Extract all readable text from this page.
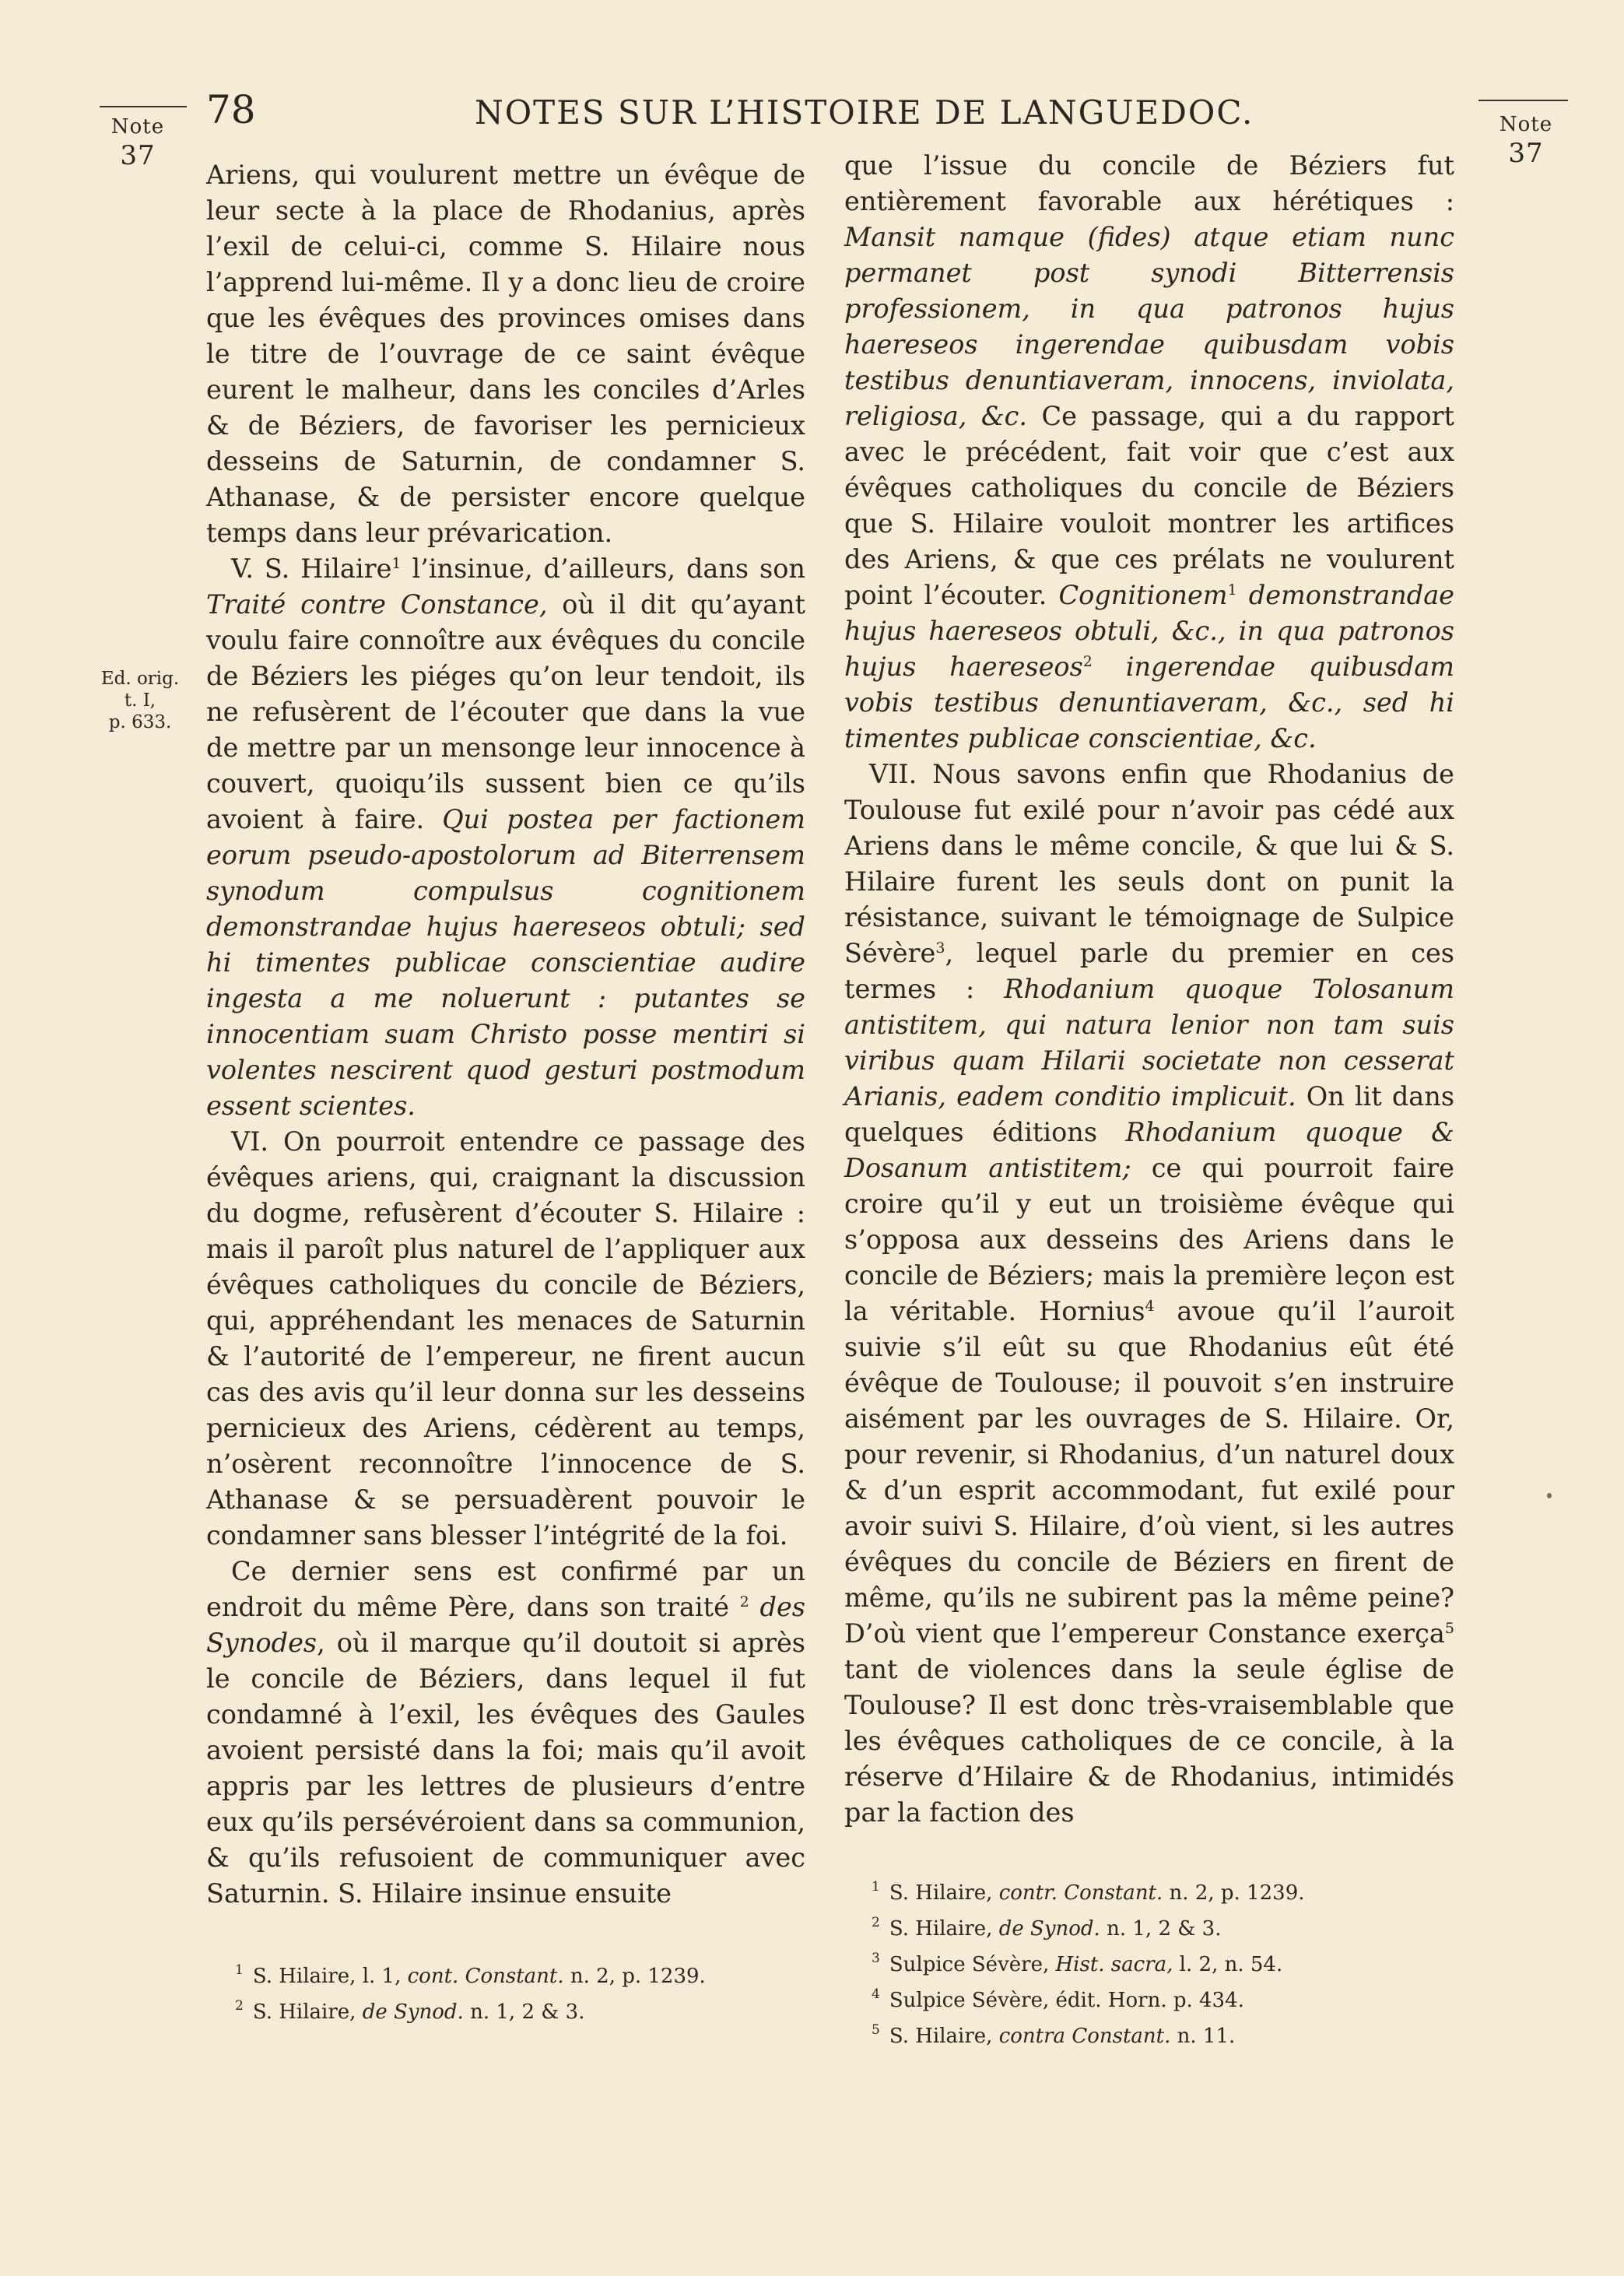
Note
37
Note
37
78	NOTES SUR L’HISTOIRE DE LANGUEDOC.
Ed. orig.
t. I,
p. 633.

Ariens, qui voulurent mettre un évêque de leur secte à la place de Rhodanius, après l’exil de celui-ci, comme S. Hilaire nous l’apprend lui-même. Il y a donc lieu de croire que les évêques des provinces omises dans le titre de l’ouvrage de ce saint évêque eurent le malheur, dans les conciles d’Arles & de Béziers, de favoriser les pernicieux desseins de Saturnin, de condamner S. Athanase, & de persister encore quelque temps dans leur prévarication.

V. S. Hilaire$^1$ l’insinue, d’ailleurs, dans son Traité contre Constance, où il dit qu’ayant voulu faire connoître aux évêques du concile de Béziers les piéges qu’on leur tendoit, ils ne refusèrent de l’écouter que dans la vue de mettre par un mensonge leur innocence à couvert, quoiqu’ils sussent bien ce qu’ils avoient à faire. Qui postea per factionem eorum pseudo-apostolorum ad Biterrensem synodum compulsus cognitionem demonstrandae hujus haereseos obtuli; sed hi timentes publicae conscientiae audire ingesta a me noluerunt : putantes se innocentiam suam Christo posse mentiri si volentes nescirent quod gesturi postmodum essent scientes.

VI. On pourroit entendre ce passage des évêques ariens, qui, craignant la discussion du dogme, refusèrent d’écouter S. Hilaire : mais il paroît plus naturel de l’appliquer aux évêques catholiques du concile de Béziers, qui, appréhendant les menaces de Saturnin & l’autorité de l’empereur, ne firent aucun cas des avis qu’il leur donna sur les desseins pernicieux des Ariens, cédèrent au temps, n’osèrent reconnoître l’innocence de S. Athanase & se persuadèrent pouvoir le condamner sans blesser l’intégrité de la foi.

Ce dernier sens est confirmé par un endroit du même Père, dans son traité $^2$ des Synodes, où il marque qu’il doutoit si après le concile de Béziers, dans lequel il fut condamné à l’exil, les évêques des Gaules avoient persisté dans la foi; mais qu’il avoit appris par les lettres de plusieurs d’entre eux qu’ils persévéroient dans sa communion, & qu’ils refusoient de communiquer avec Saturnin. S. Hilaire insinue ensuite

que l’issue du concile de Béziers fut entièrement favorable aux hérétiques : Mansit namque (fides) atque etiam nunc permanet post synodi Bitterrensis professionem, in qua patronos hujus haereseos ingerendae quibusdam vobis testibus denuntiaveram, innocens, inviolata, religiosa, &c. Ce passage, qui a du rapport avec le précédent, fait voir que c’est aux évêques catholiques du concile de Béziers que S. Hilaire vouloit montrer les artifices des Ariens, & que ces prélats ne voulurent point l’écouter. Cognitionem$^1$ demonstrandae hujus haereseos obtuli, &c., in qua patronos hujus haereseos$^2$ ingerendae quibusdam vobis testibus denuntiaveram, &c., sed hi timentes publicae conscientiae, &c.

VII. Nous savons enfin que Rhodanius de Toulouse fut exilé pour n’avoir pas cédé aux Ariens dans le même concile, & que lui & S. Hilaire furent les seuls dont on punit la résistance, suivant le témoignage de Sulpice Sévère$^3$, lequel parle du premier en ces termes : Rhodanium quoque Tolosanum antistitem, qui natura lenior non tam suis viribus quam Hilarii societate non cesserat Arianis, eadem conditio implicuit. On lit dans quelques éditions Rhodanium quoque & Dosanum antistitem; ce qui pourroit faire croire qu’il y eut un troisième évêque qui s’opposa aux desseins des Ariens dans le concile de Béziers; mais la première leçon est la véritable. Hornius$^4$ avoue qu’il l’auroit suivie s’il eût su que Rhodanius eût été évêque de Toulouse; il pouvoit s’en instruire aisément par les ouvrages de S. Hilaire. Or, pour revenir, si Rhodanius, d’un naturel doux & d’un esprit accommodant, fut exilé pour avoir suivi S. Hilaire, d’où vient, si les autres évêques du concile de Béziers en firent de même, qu’ils ne subirent pas la même peine? D’où vient que l’empereur Constance exerça$^5$ tant de violences dans la seule église de Toulouse? Il est donc très-vraisemblable que les évêques catholiques de ce concile, à la réserve d’Hilaire & de Rhodanius, intimidés par la faction des

$^1$ S. Hilaire, l. 1, cont. Constant. n. 2, p. 1239.
$^2$ S. Hilaire, de Synod. n. 1, 2 & 3.
$^1$ S. Hilaire, contr. Constant. n. 2, p. 1239.
$^2$ S. Hilaire, de Synod. n. 1, 2 & 3.
$^3$ Sulpice Sévère, Hist. sacra, l. 2, n. 54.
$^4$ Sulpice Sévère, édit. Horn. p. 434.
$^5$ S. Hilaire, contra Constant. n. 11.
